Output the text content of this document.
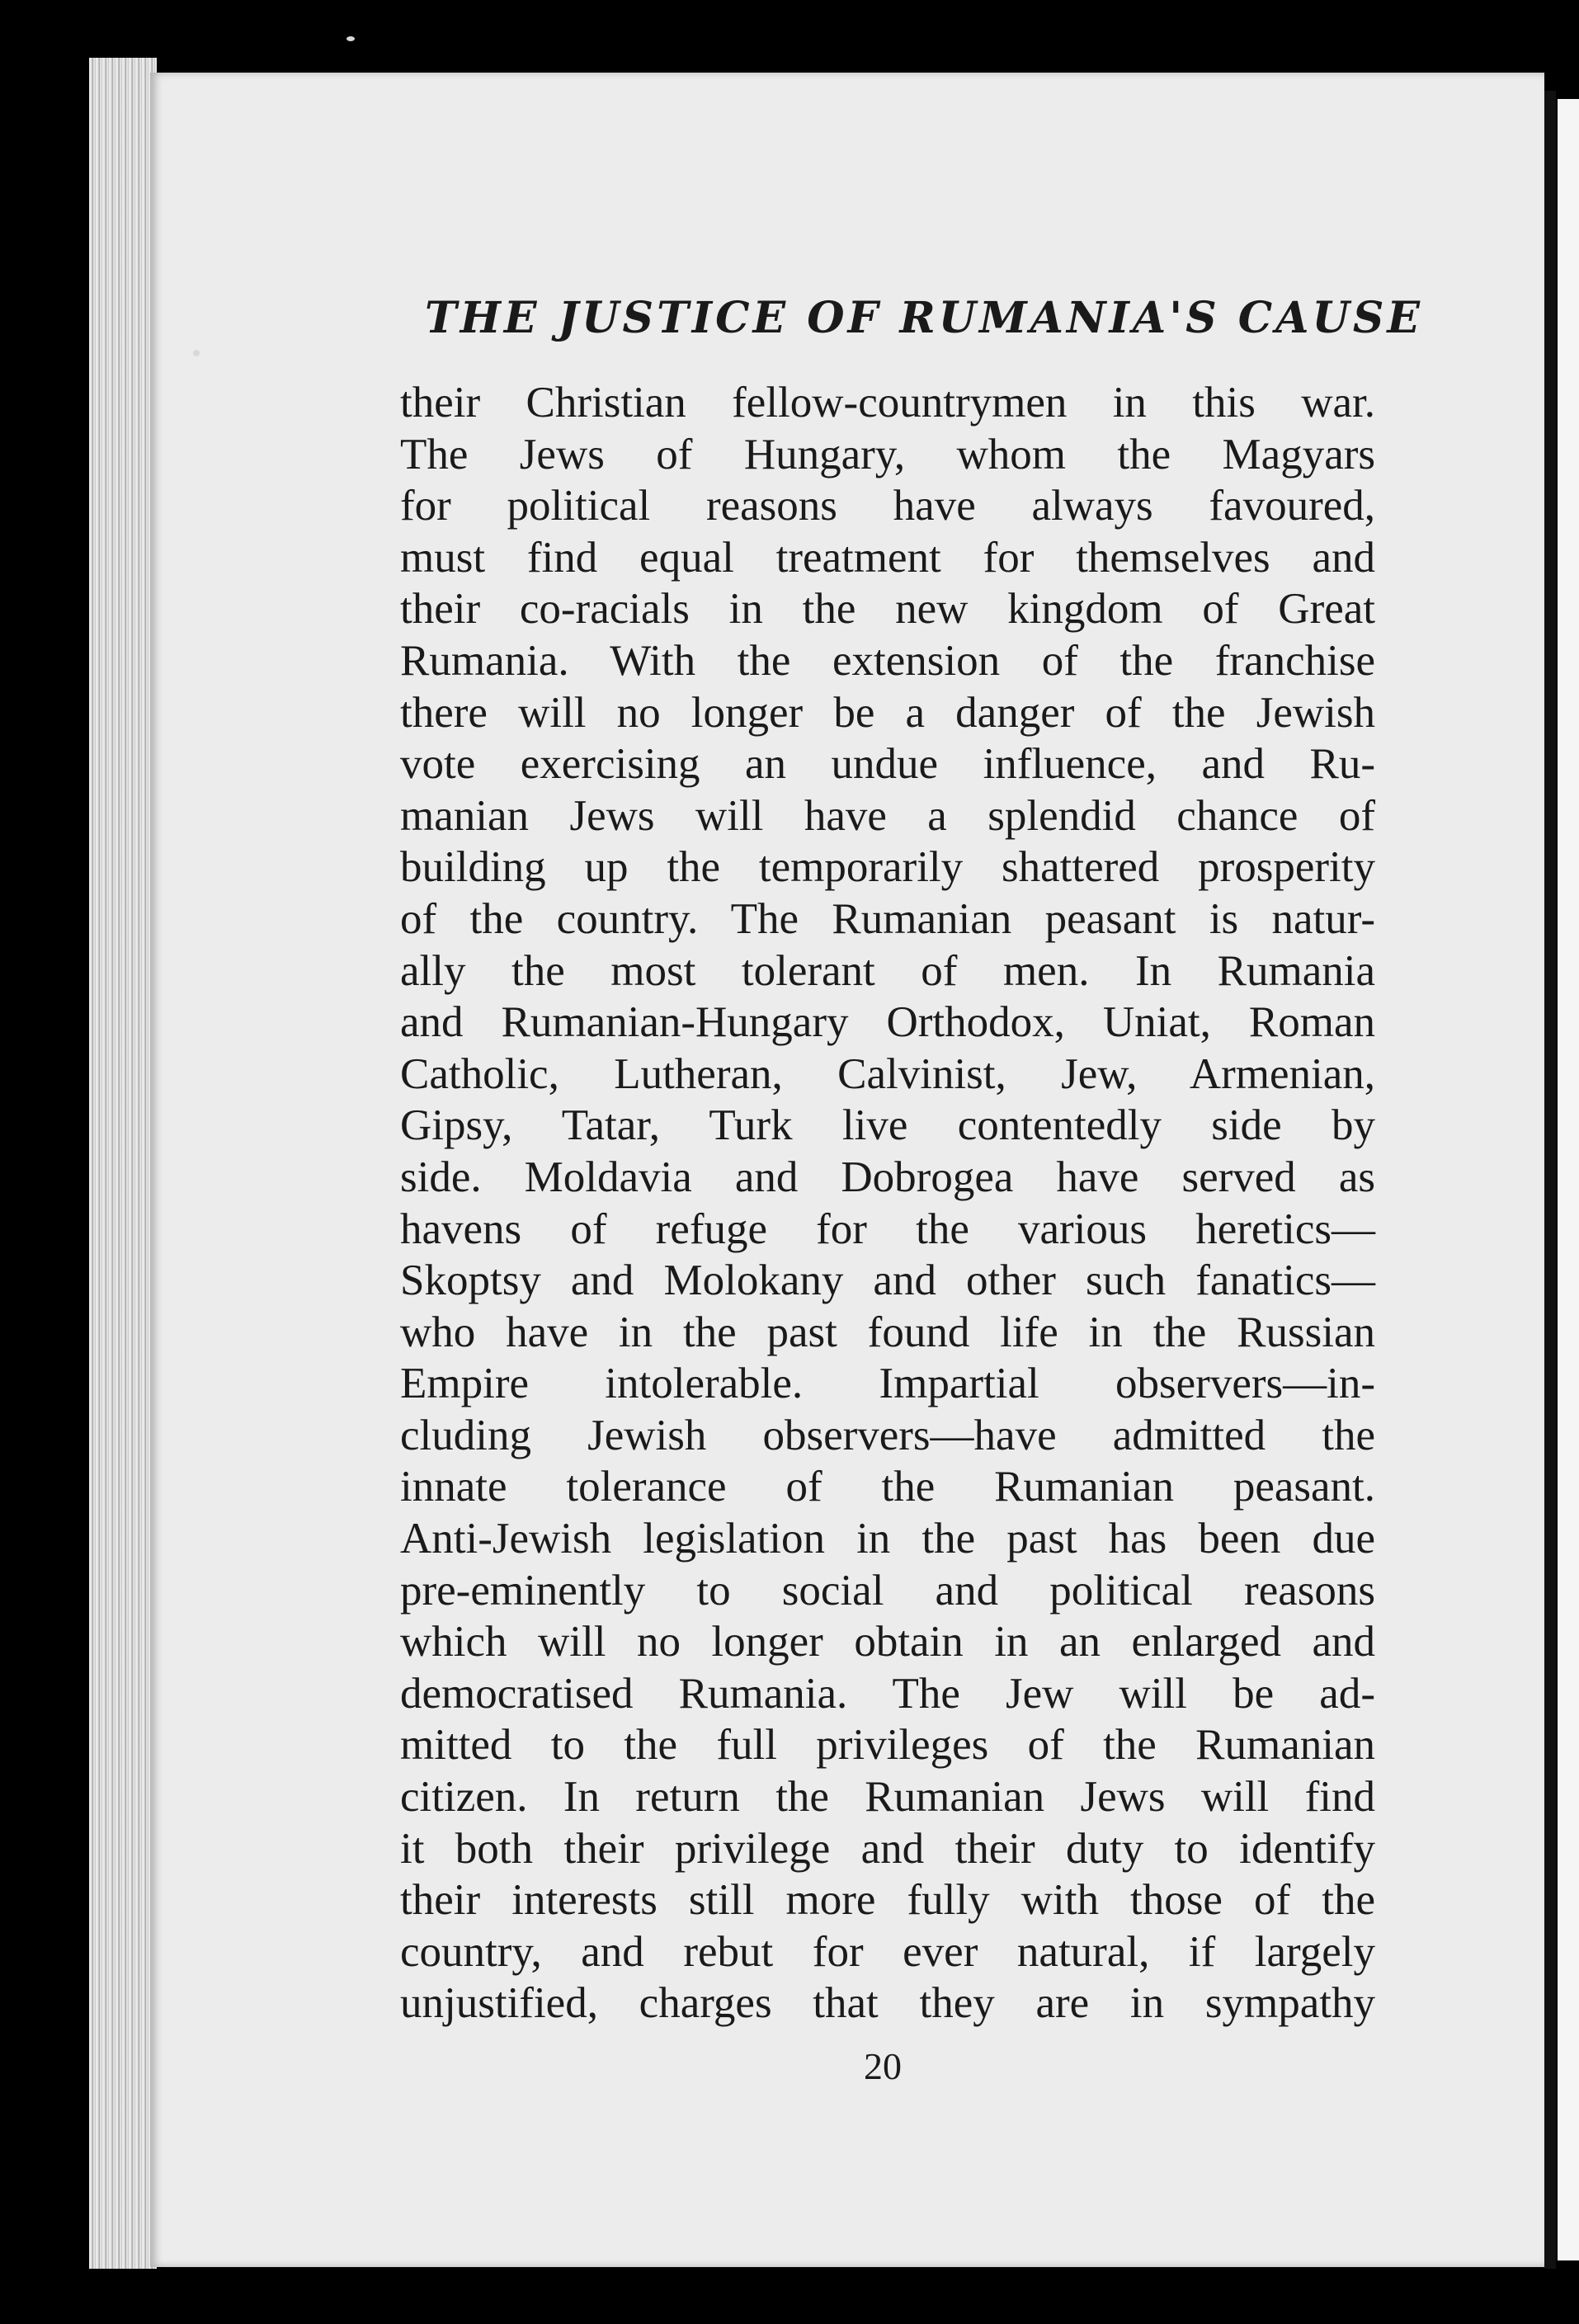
THE JUSTICE OF RUMANIA'S CAUSE
their Christian fellow-countrymen in this war.
The Jews of Hungary, whom the Magyars
for political reasons have always favoured,
must find equal treatment for themselves and
their co-racials in the new kingdom of Great
Rumania. With the extension of the franchise
there will no longer be a danger of the Jewish
vote exercising an undue influence, and Ru-
manian Jews will have a splendid chance of
building up the temporarily shattered prosperity
of the country. The Rumanian peasant is natur-
ally the most tolerant of men. In Rumania
and Rumanian-Hungary Orthodox, Uniat, Roman
Catholic, Lutheran, Calvinist, Jew, Armenian,
Gipsy, Tatar, Turk live contentedly side by
side. Moldavia and Dobrogea have served as
havens of refuge for the various heretics—
Skoptsy and Molokany and other such fanatics—
who have in the past found life in the Russian
Empire intolerable. Impartial observers—in-
cluding Jewish observers—have admitted the
innate tolerance of the Rumanian peasant.
Anti-Jewish legislation in the past has been due
pre-eminently to social and political reasons
which will no longer obtain in an enlarged and
democratised Rumania. The Jew will be ad-
mitted to the full privileges of the Rumanian
citizen. In return the Rumanian Jews will find
it both their privilege and their duty to identify
their interests still more fully with those of the
country, and rebut for ever natural, if largely
unjustified, charges that they are in sympathy
20
